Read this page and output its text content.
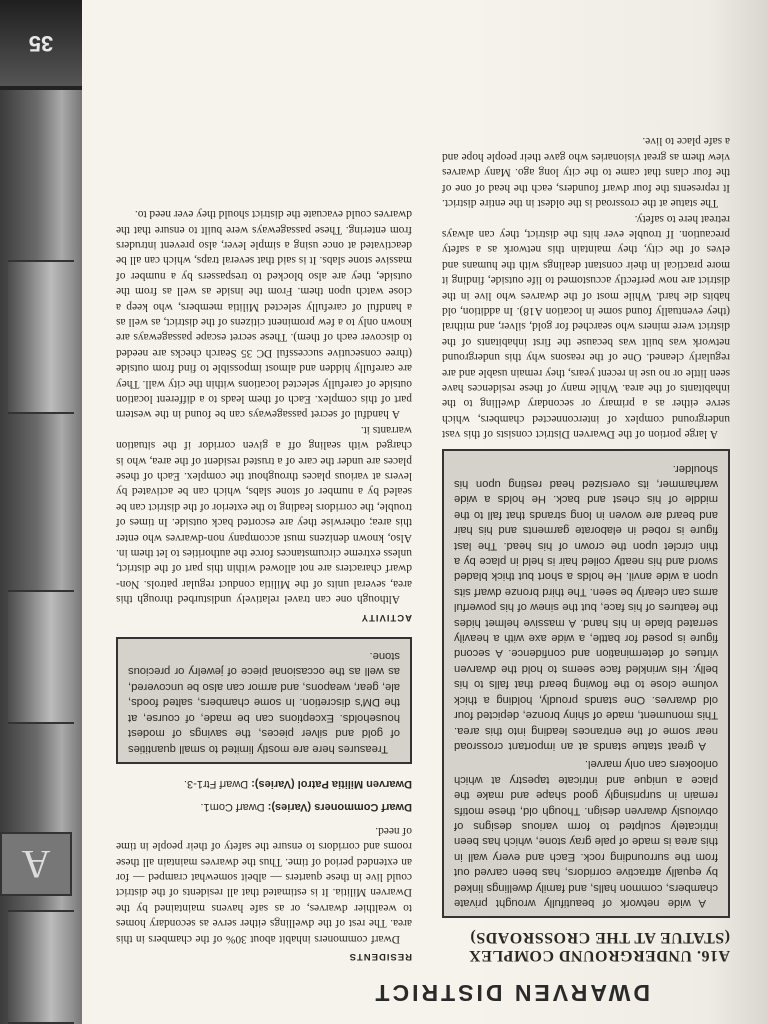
A
35
DWARVEN DISTRICT
A16. UNDERGROUND COMPLEX
(STATUE AT THE CROSSROADS)

A wide network of beautifully wrought private chambers, common halls, and family dwellings linked by equally attractive corridors, has been carved out from the surrounding rock. Each and every wall in this area is made of pale gray stone, which has been intricately sculpted to form various designs of obviously dwarven design. Though old, these motifs remain in surprisingly good shape and make the place a unique and intricate tapestry at which onlookers can only marvel.

A great statue stands at an important crossroad near some of the entrances leading into this area. This monument, made of shiny bronze, depicted four old dwarves. One stands proudly, holding a thick volume close to the flowing beard that falls to his belly. His wrinkled face seems to hold the dwarven virtues of determination and confidence. A second figure is posed for battle, a wide axe with a heavily serrated blade in his hand. A massive helmet hides the features of his face, but the sinew of his powerful arms can clearly be seen. The third bronze dwarf sits upon a wide anvil. He holds a short but thick bladed sword and his neatly coiled hair is held in place by a thin circlet upon the crown of his head. The last figure is robed in elaborate garments and his hair and beard are woven in long strands that fall to the middle of his chest and back. He holds a wide warhammer, its oversized head resting upon his shoulder.

A large portion of the Dwarven District consists of this vast underground complex of interconnected chambers, which serve either as a primary or secondary dwelling to the inhabitants of the area. While many of these residences have seen little or no use in recent years, they remain usable and are regularly cleaned. One of the reasons why this underground network was built was because the first inhabitants of the district were miners who searched for gold, silver, and mithral (they eventually found some in location A18). In addition, old habits die hard. While most of the dwarves who live in the district are now perfectly accustomed to life outside, finding it more practical in their constant dealings with the humans and elves of the city, they maintain this network as a safety precaution. If trouble ever hits the district, they can always retreat here to safety.

The statue at the crossroad is the oldest in the entire district. It represents the four dwarf founders, each the head of one of the four clans that came to the city long ago. Many dwarves view them as great visionaries who gave their people hope and a safe place to live.

RESIDENTS

Dwarf commoners inhabit about 30% of the chambers in this area. The rest of the dwellings either serve as secondary homes to wealthier dwarves, or as safe havens maintained by the Dwarven Militia. It is estimated that all residents of the district could live in these quarters — albeit somewhat cramped — for an extended period of time. Thus the dwarves maintain all these rooms and corridors to ensure the safety of their people in time of need.

Dwarf Commoners (Varies): Dwarf Com1.

Dwarven Militia Patrol (Varies): Dwarf Ftr1-3.

Treasures here are mostly limited to small quantities of gold and silver pieces, the savings of modest households. Exceptions can be made, of course, at the DM's discretion. In some chambers, salted foods, ale, gear, weapons, and armor can also be uncovered, as well as the occasional piece of jewelry or precious stone.

ACTIVITY

Although one can travel relatively undisturbed through this area, several units of the Militia conduct regular patrols. Non-dwarf characters are not allowed within this part of the district, unless extreme circumstances force the authorities to let them in. Also, known denizens must accompany non-dwarves who enter this area; otherwise they are escorted back outside. In times of trouble, the corridors leading to the exterior of the district can be sealed by a number of stone slabs, which can be activated by levers at various places throughout the complex. Each of these places are under the care of a trusted resident of the area, who is charged with sealing off a given corridor if the situation warrants it.

A handful of secret passageways can be found in the western part of this complex. Each of them leads to a different location outside of carefully selected locations within the city wall. They are carefully hidden and almost impossible to find from outside (three consecutive successful DC 35 Search checks are needed to discover each of them). These secret escape passageways are known only to a few prominent citizens of the district, as well as a handful of carefully selected Militia members, who keep a close watch upon them. From the inside as well as from the outside, they are also blocked to trespassers by a number of massive stone slabs. It is said that several traps, which can all be deactivated at once using a simple lever, also prevent intruders from entering. These passageways were built to ensure that the dwarves could evacuate the district should they ever need to.
